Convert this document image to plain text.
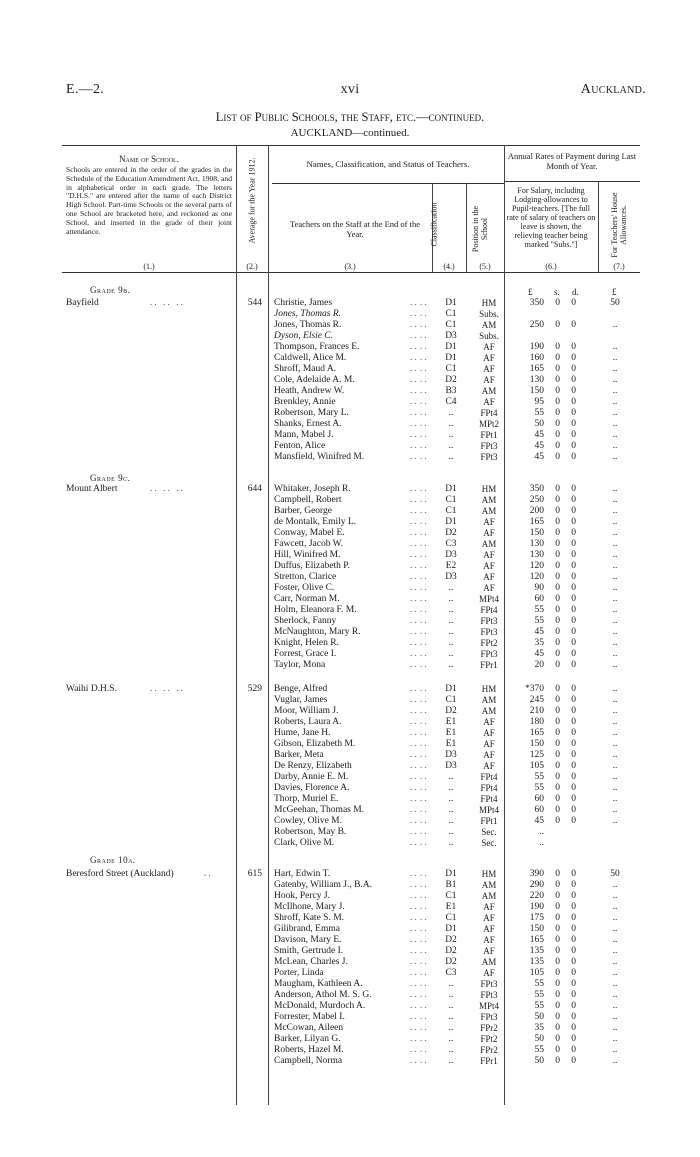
E.—2.	xvi	Auckland.
List of Public Schools, the Staff, etc.—continued.
AUCKLAND—continued.
Name of School.
Schools are entered in the order of the grades in the Schedule of the Education Amendment Act, 1908, and in alphabetical order in each grade. The letters "D.H.S." are entered after the name of each District High School. Part-time Schools or the several parts of one School are bracketed here, and reckoned as one School, and inserted in the grade of their joint attendance.	Average for the Year 1912.	Classification	Position in the School	For Teachers' House Allowances.
Names, Classification, and Status of Teachers.
Teachers on the Staff at the End of the Year.
Annual Rates of Payment during Last Month of Year.
For Salary, including Lodging-allowances to Pupil-teachers. [The full rate of salary of teachers on leave is shown, the relieving teacher being marked "Subs."]
(1.)	(2.)	(3.)	(4.)	(5.)	(6.)	(7.)
£ s. d.	£
Grade 9b.
Bayfield	.. .. ..	544 Christie, James	.. ..	D1	HM	350 0 0	50
Jones, Thomas R.	.. ..	C1	Subs.
Jones, Thomas R.	.. ..	C1	AM	250 0 0	..
Dyson, Elsie C.	.. ..	D3	Subs.
Thompson, Frances E.	.. ..	D1	AF	190 0 0	..
Caldwell, Alice M.	.. ..	D1	AF	160 0 0	..
Shroff, Maud A.	.. ..	C1	AF	165 0 0	..
Cole, Adelaide A. M.	.. ..	D2	AF	130 0 0	..
Heath, Andrew W.	.. ..	B3	AM	150 0 0	..
Brenkley, Annie	.. ..	C4	AF	95 0 0	..
Robertson, Mary L.	.. ..	..	FPt4	55 0 0	..
Shanks, Ernest A.	.. ..	..	MPt2	50 0 0	..
Mann, Mabel J.	.. ..	..	FPt1	45 0 0	..
Fenton, Alice	.. ..	..	FPt3	45 0 0	..
Mansfield, Winifred M.	.. ..	..	FPt3	45 0 0	..
Grade 9c.
Mount Albert	.. .. ..	644 Whitaker, Joseph R.	.. ..	D1	HM	350 0 0	..
Campbell, Robert	.. ..	C1	AM	250 0 0	..
Barber, George	.. ..	C1	AM	200 0 0	..
de Montalk, Emily L.	.. ..	D1	AF	165 0 0	..
Conway, Mabel E.	.. ..	D2	AF	150 0 0	..
Fawcett, Jacob W.	.. ..	C3	AM	130 0 0	..
Hill, Winifred M.	.. ..	D3	AF	130 0 0	..
Duffus, Elizabeth P.	.. ..	E2	AF	120 0 0	..
Stretton, Clarice	.. ..	D3	AF	120 0 0	..
Foster, Olive C.	.. ..	..	AF	90 0 0	..
Carr, Norman M.	.. ..	..	MPt4	60 0 0	..
Holm, Eleanora F. M.	.. ..	..	FPt4	55 0 0	..
Sherlock, Fanny	.. ..	..	FPt3	55 0 0	..
McNaughton, Mary R.	.. ..	..	FPt3	45 0 0	..
Knight, Helen R.	.. ..	..	FPt2	35 0 0	..
Forrest, Grace I.	.. ..	..	FPt3	45 0 0	..
Taylor, Mona	.. ..	..	FPr1	20 0 0	..
Waihi D.H.S.	.. .. ..	529 Benge, Alfred	.. ..	D1	HM	*370 0 0	..
Vuglar, James	.. ..	C1	AM	245 0 0	..
Moor, William J.	.. ..	D2	AM	210 0 0	..
Roberts, Laura A.	.. ..	E1	AF	180 0 0	..
Hume, Jane H.	.. ..	E1	AF	165 0 0	..
Gibson, Elizabeth M.	.. ..	E1	AF	150 0 0	..
Barker, Meta	.. ..	D3	AF	125 0 0	..
De Renzy, Elizabeth	.. ..	D3	AF	105 0 0	..
Darby, Annie E. M.	.. ..	..	FPt4	55 0 0	..
Davies, Florence A.	.. ..	..	FPt4	55 0 0	..
Thorp, Muriel E.	.. ..	..	FPt4	60 0 0	..
McGeehan, Thomas M.	.. ..	..	MPt4	60 0 0	..
Cowley, Olive M.	.. ..	..	FPt1	45 0 0	..
Robertson, May B.	.. ..	..	Sec.	..
Clark, Olive M.	.. ..	..	Sec.	..
Grade 10a.
Beresford Street (Auckland)	..	615 Hart, Edwin T.	.. ..	D1	HM	390 0 0	50
Gatenby, William J., B.A.	.. ..	B1	AM	290 0 0	..
Hook, Percy J.	.. ..	C1	AM	220 0 0	..
McIlhone, Mary J.	.. ..	E1	AF	190 0 0	..
Shroff, Kate S. M.	.. ..	C1	AF	175 0 0	..
Gilibrand, Emma	.. ..	D1	AF	150 0 0	..
Davison, Mary E.	.. ..	D2	AF	165 0 0	..
Smith, Gertrude I.	.. ..	D2	AF	135 0 0	..
McLean, Charles J.	.. ..	D2	AM	135 0 0	..
Porter, Linda	.. ..	C3	AF	105 0 0	..
Maugham, Kathleen A.	.. ..	..	FPt3	55 0 0	..
Anderson, Athol M. S. G.	.. ..	..	FPt3	55 0 0	..
McDonald, Murdoch A.	.. ..	..	MPt4	55 0 0	..
Forrester, Mabel I.	.. ..	..	FPt3	50 0 0	..
McCowan, Aileen	.. ..	..	FPr2	35 0 0	..
Barker, Lilyan G.	.. ..	..	FPt2	50 0 0	..
Roberts, Hazel M.	.. ..	..	FPr2	55 0 0	..
Campbell, Norma	.. ..	..	FPr1	50 0 0	..
